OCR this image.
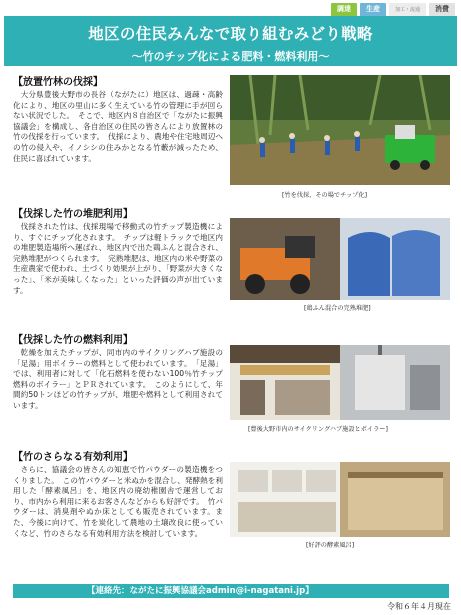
調達	生産	加工・流通	消費
地区の住民みんなで取り組むみどり戦略
～竹のチップ化による肥料・燃料利用～
【放置竹林の伐採】
大分県豊後大野市の長谷（ながたに）地区は、過疎・高齢化により、地区の里山に多く生えている竹の管理に手が回らない状況でした。　そこで、地区内８自治区で「ながたに振興協議会」を構成し、各自治区の住民の皆さんにより放置林の竹の伐採を行っています。　伐採により、農地や住宅地周辺への竹の侵入や、イノシシの住みかとなる竹藪が減ったため、住民に喜ばれています。
[竹を伐採、その場でチップ化]
【伐採した竹の堆肥利用】
伐採された竹は、伐採現場で移動式の竹チップ製造機により、すぐにチップ化されます。　チップは軽トラックで地区内の堆肥製造場所へ運ばれ、地区内で出た鶏ふんと混合され、完熟堆肥がつくられます。　完熟堆肥は、地区内の米や野菜の生産農家で使われ、土づくり効果が上がり、「野菜が大きくなった」、「米が美味しくなった」といった評価の声が出ています。
[鶏ふん混合の完熟堆肥]
【伐採した竹の燃料利用】
乾燥を加えたチップが、同市内のサイクリングハブ施設の「足湯」用ボイラーの燃料として使われています。　「足湯」では、利用者に対して「化石燃料を使わない100％竹チップ燃料のボイラー」とＰＲされています。　このようにして、年間約50トンほどの竹チップが、堆肥や燃料として利用されています。
[豊後大野市内のサイクリングハブ施設とボイラー]
【竹のさらなる有効利用】
さらに、協議会の皆さんの知恵で竹パウダーの製造機をつくりました。　この竹パウダーと米ぬかを混合し、発酵熱を利用した「酵素風呂」を、地区内の廃幼稚園舎で運営しており、市内から利用に来るお客さんなどからも好評です。　竹パウダーは、消臭剤やぬか床としても販売されています。また、今後に向けて、竹を炭化して農地の土壌改良に使っていくなど、竹のさらなる有効利用方法を検討しています。
[好評の酵素風呂]
【連絡先：ながたに振興協議会admin@i-nagatani.jp】
令和６年４月現在
